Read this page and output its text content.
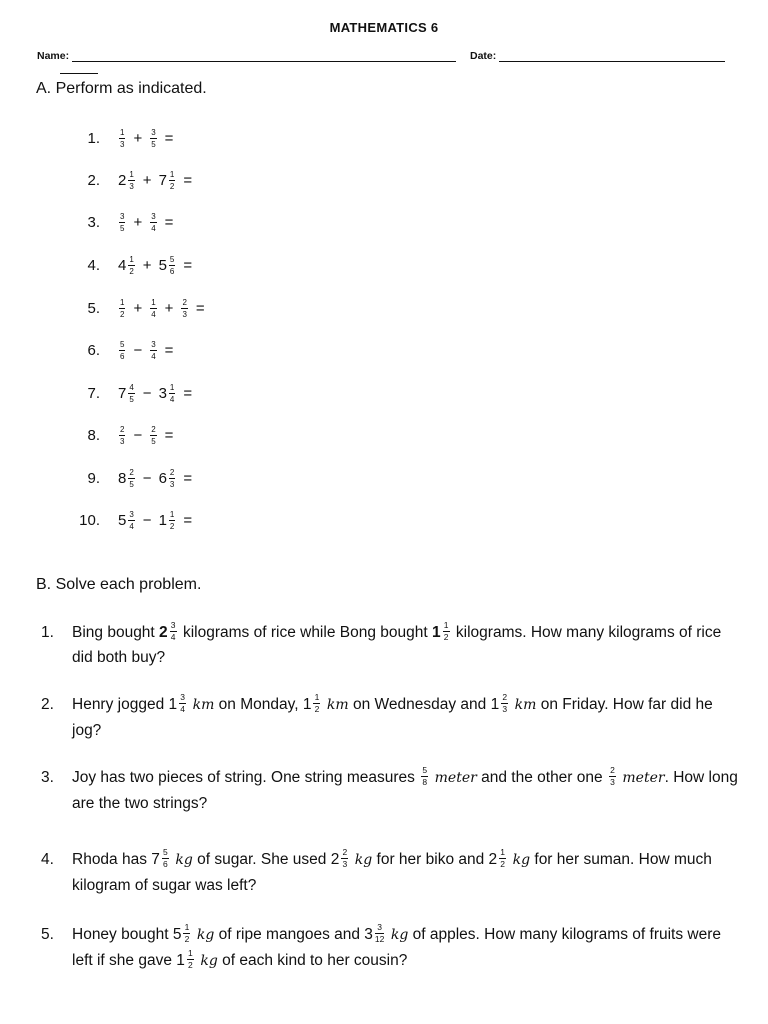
MATHEMATICS 6
Name:	Date:
A. Perform as indicated.
1. $\frac{1}{3} + \frac{3}{5}$ =
2. $2 \frac{1}{3} + 7 \frac{1}{2}$ =
3. $\frac{3}{5} + \frac{3}{4}$ =
4. $4 \frac{1}{2} + 5 \frac{5}{6}$ =
5. $\frac{1}{2} + \frac{1}{4} + \frac{2}{3}$ =
6. $\frac{5}{6} - \frac{3}{4}$ =
7. $7 \frac{4}{5} - 3 \frac{1}{4}$ =
8. $\frac{2}{3} - \frac{2}{5}$ =
9. $8 \frac{2}{5} - 6 \frac{2}{3}$ =
10. $5 \frac{3}{4} - 1 \frac{1}{2}$ =
B. Solve each problem.
1. Bing bought $2 \frac{3}{4}$ kilograms of rice while Bong bought $1 \frac{1}{2}$ kilograms. How many kilograms of rice did both buy?
2. Henry jogged $1 \frac{3}{4}$ km on Monday, $1 \frac{1}{2}$ km on Wednesday and $1 \frac{2}{3}$ km on Friday. How far did he jog?
3. Joy has two pieces of string. One string measures $\frac{5}{8}$ meter and the other one $\frac{2}{3}$ meter. How long are the two strings?
4. Rhoda has $7 \frac{5}{6}$ kg of sugar. She used $2 \frac{2}{3}$ kg for her biko and $2 \frac{1}{2}$ kg for her suman. How much kilogram of sugar was left?
5. Honey bought $5 \frac{1}{2}$ kg of ripe mangoes and $3 \frac{3}{12}$ kg of apples. How many kilograms of fruits were left if she gave $1 \frac{1}{2}$ kg of each kind to her cousin?
